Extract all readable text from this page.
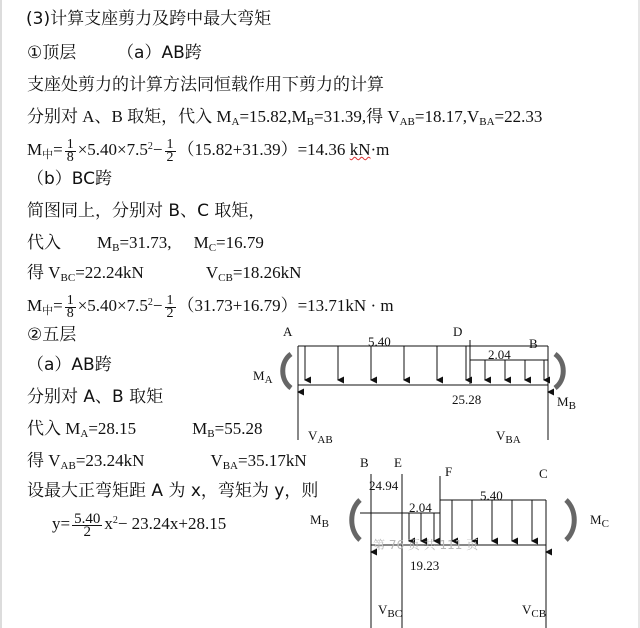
(3)计算支座剪力及跨中最大弯矩
①顶层 （a）AB跨
支座处剪力的计算方法同恒载作用下剪力的计算
分别对 A、B 取矩，代入 $M_A=15.82,M_B=31.39$,得 $V_{AB}=18.17,V_{BA}=22.33$
$M_中= \frac{1}{8} \times 5.40\times 7.5^2- \frac{1}{2} (15.82+31.39)=14.36$ kN·m
（b）BC跨
简图同上，分别对 B、C 取矩，
代入 $M_B=31.73$, $M_C=16.79$
得 $V_{BC}=22.24kN$	$V_{CB}=18.26kN$
$M_中= \frac{1}{8} \times 5.40\times 7.5^2- \frac{1}{2} (31.73+16.79)=13.71kN \cdot m$
②五层
（a）AB跨
分别对 A、B 取矩
代入 $M_A=28.15$	$M_B=55.28$
得 $V_{AB}=23.24kN$	$V_{BA}=35.17kN$
设最大正弯矩距 A 为 x，弯矩为 y，则
$y= \frac{5.40}{2} x^2- 23.24x+28.15$
A	D
B
5.40
2.04
25.28
$M_A$
$M_B$
$V_{AB}$	$V_{BA}$
B E
F	C
24.94
2.04
5.40
19.23
$M_B$	$M_C$
$V_{BC}$	$V_{CB}$
第 76 页 共 111 页
